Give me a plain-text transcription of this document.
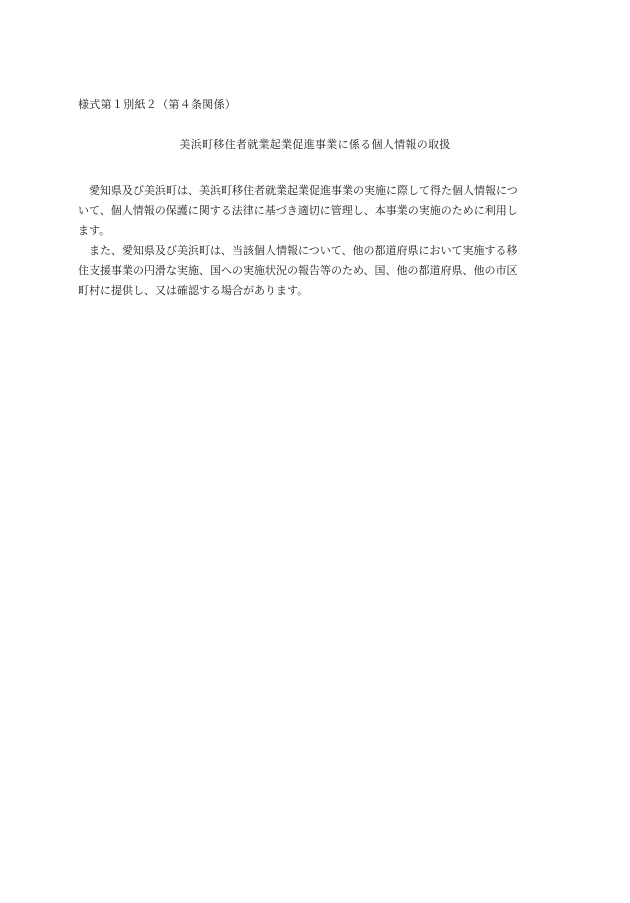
様式第１別紙２（第４条関係）
美浜町移住者就業起業促進事業に係る個人情報の取扱

愛知県及び美浜町は、美浜町移住者就業起業促進事業の実施に際して得た個人情報につ
いて、個人情報の保護に関する法律に基づき適切に管理し、本事業の実施のために利用し
ます。

また、愛知県及び美浜町は、当該個人情報について、他の都道府県において実施する移
住支援事業の円滑な実施、国への実施状況の報告等のため、国、他の都道府県、他の市区
町村に提供し、又は確認する場合があります。
